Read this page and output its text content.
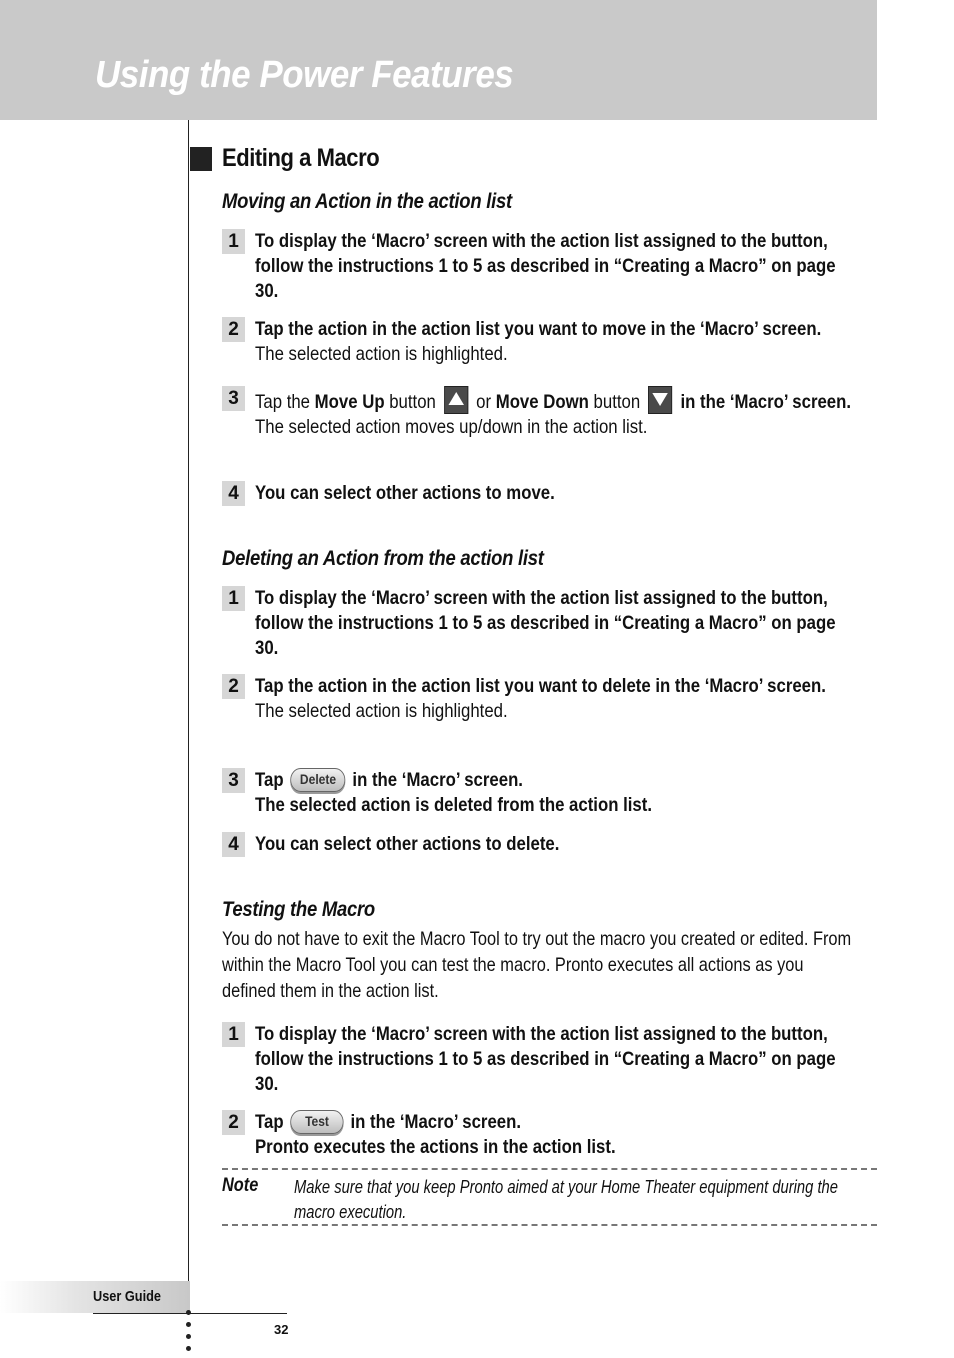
Using the Power Features
Editing a Macro
Moving an Action in the action list
1 To display the ‘Macro’ screen with the action list assigned to the button, follow the instructions 1 to 5 as described in “Creating a Macro” on page 30.
2 Tap the action in the action list you want to move in the ‘Macro’ screen.
The selected action is highlighted.
3 Tap the Move Up button
or Move Down button
in the ‘Macro’ screen.
The selected action moves up/down in the action list.
4 You can select other actions to move.
Deleting an Action from the action list
1 To display the ‘Macro’ screen with the action list assigned to the button, follow the instructions 1 to 5 as described in “Creating a Macro” on page 30.
2 Tap the action in the action list you want to delete in the ‘Macro’ screen.
The selected action is highlighted.
3 Tap Delete in the ‘Macro’ screen.
The selected action is deleted from the action list.
4 You can select other actions to delete.
Testing the Macro
You do not have to exit the Macro Tool to try out the macro you created or edited. From within the Macro Tool you can test the macro. Pronto executes all actions as you defined them in the action list.
1 To display the ‘Macro’ screen with the action list assigned to the button, follow the instructions 1 to 5 as described in “Creating a Macro” on page 30.
2 Tap Test in the ‘Macro’ screen.
Pronto executes the actions in the action list.
Note Make sure that you keep Pronto aimed at your Home Theater equipment during the macro execution.
User Guide
32
